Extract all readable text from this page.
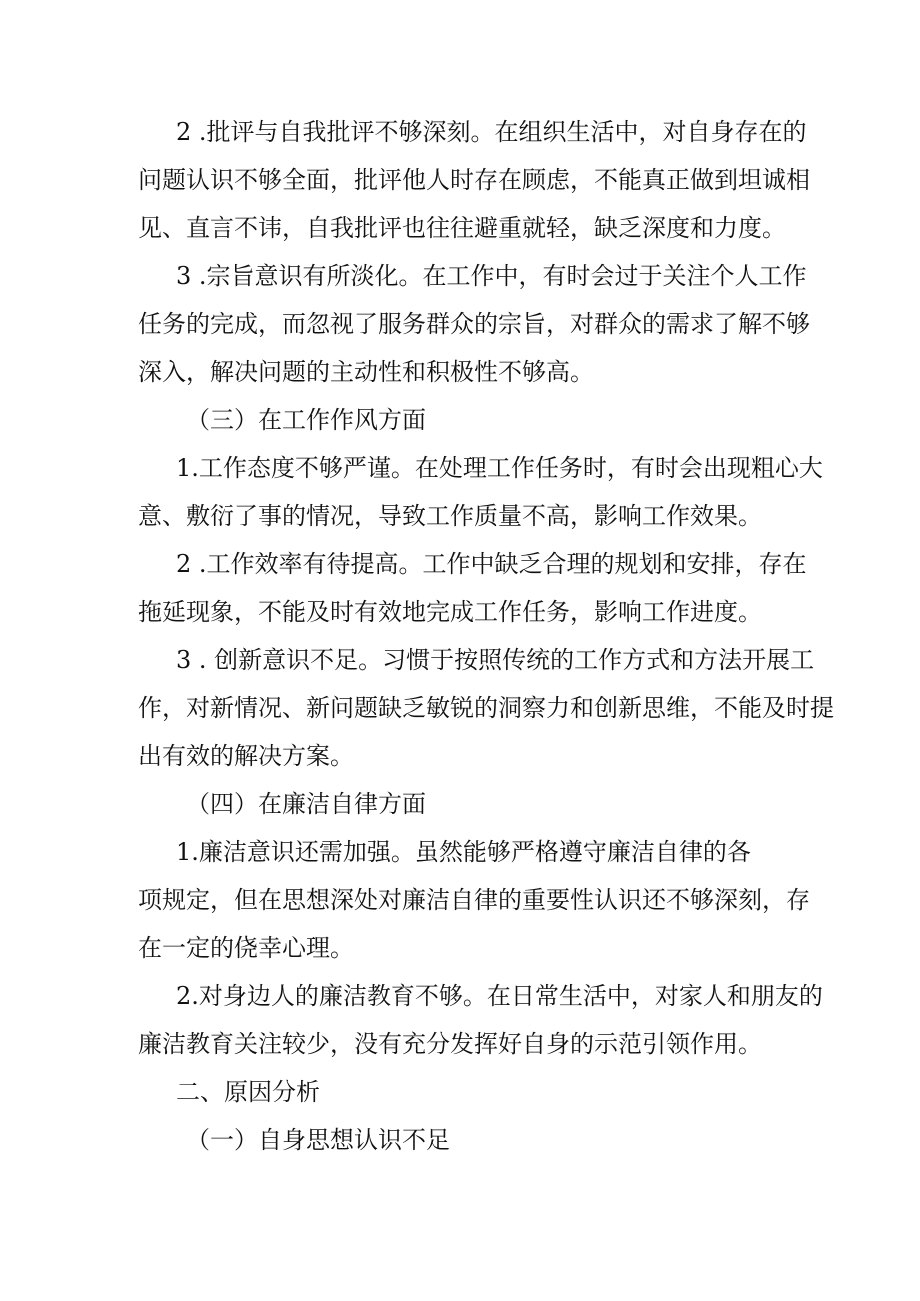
2 .批评与自我批评不够深刻。在组织生活中，对自身存在的
问题认识不够全面，批评他人时存在顾虑，不能真正做到坦诚相
见、直言不讳，自我批评也往往避重就轻，缺乏深度和力度。
3 .宗旨意识有所淡化。在工作中，有时会过于关注个人工作
任务的完成，而忽视了服务群众的宗旨，对群众的需求了解不够
深入，解决问题的主动性和积极性不够高。
（三）在工作作风方面
1.工作态度不够严谨。在处理工作任务时，有时会出现粗心大
意、敷衍了事的情况，导致工作质量不高，影响工作效果。
2 .工作效率有待提高。工作中缺乏合理的规划和安排，存在
拖延现象，不能及时有效地完成工作任务，影响工作进度。
3 . 创新意识不足。习惯于按照传统的工作方式和方法开展工
作，对新情况、新问题缺乏敏锐的洞察力和创新思维，不能及时提
出有效的解决方案。
（四）在廉洁自律方面
1.廉洁意识还需加强。虽然能够严格遵守廉洁自律的各
项规定，但在思想深处对廉洁自律的重要性认识还不够深刻，存
在一定的侥幸心理。
2.对身边人的廉洁教育不够。在日常生活中，对家人和朋友的
廉洁教育关注较少，没有充分发挥好自身的示范引领作用。
二、原因分析
（一）自身思想认识不足
